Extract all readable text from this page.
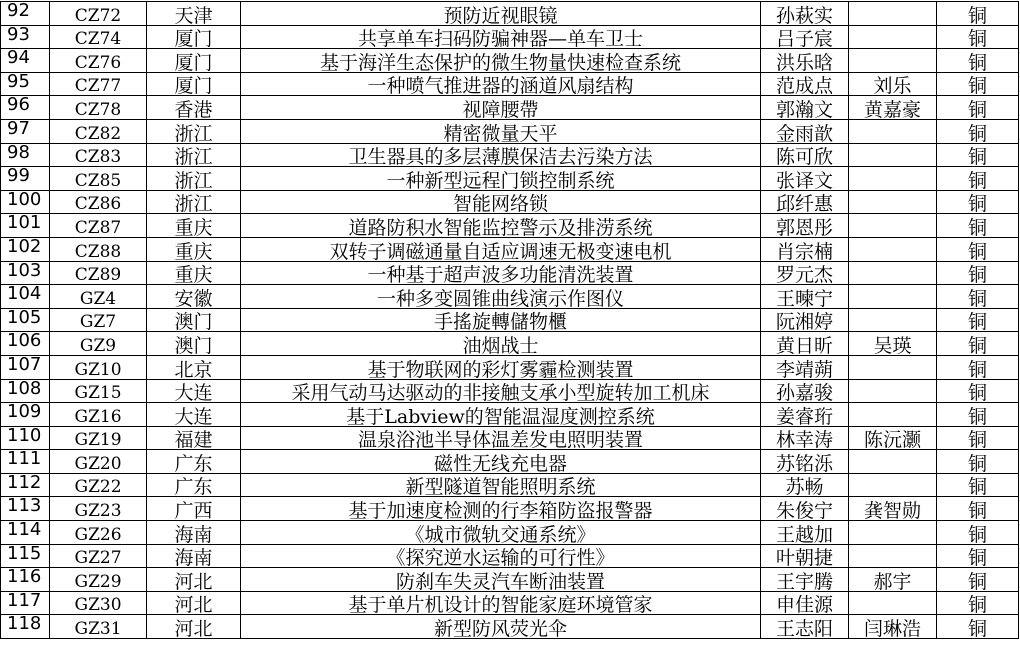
92	CZ72	天津	预防近视眼镜	孙萩实		铜
93	CZ74	厦门	共享单车扫码防骗神器—单车卫士	吕子宸		铜
94	CZ76	厦门	基于海洋生态保护的微生物量快速检查系统	洪乐晗		铜
95	CZ77	厦门	一种喷气推进器的涵道风扇结构	范成点	刘乐	铜
96	CZ78	香港	视障腰帶	郭瀚文	黄嘉豪	铜
97	CZ82	浙江	精密微量天平	金雨歆		铜
98	CZ83	浙江	卫生器具的多层薄膜保洁去污染方法	陈可欣		铜
99	CZ85	浙江	一种新型远程门锁控制系统	张译文		铜
100	CZ86	浙江	智能网络锁	邱纤惠		铜
101	CZ87	重庆	道路防积水智能监控警示及排涝系统	郭恩彤		铜
102	CZ88	重庆	双转子调磁通量自适应调速无极变速电机	肖宗楠		铜
103	CZ89	重庆	一种基于超声波多功能清洗装置	罗元杰		铜
104	GZ4	安徽	一种多变圆锥曲线演示作图仪	王暕宁		铜
105	GZ7	澳门	手搖旋轉儲物櫃	阮湘婷		铜
106	GZ9	澳门	油烟战士	黄日昕	吴瑛	铜
107	GZ10	北京	基于物联网的彩灯雾霾检测装置	李靖蒴		铜
108	GZ15	大连	采用气动马达驱动的非接触支承小型旋转加工机床	孙嘉骏		铜
109	GZ16	大连	基于Labview的智能温湿度测控系统	姜睿珩		铜
110	GZ19	福建	温泉浴池半导体温差发电照明装置	林幸涛	陈沅灏	铜
111	GZ20	广东	磁性无线充电器	苏铭泺		铜
112	GZ22	广东	新型隧道智能照明系统	苏畅		铜
113	GZ23	广西	基于加速度检测的行李箱防盗报警器	朱俊宁	龚智勋	铜
114	GZ26	海南	《城市微轨交通系统》	王越加		铜
115	GZ27	海南	《探究逆水运输的可行性》	叶朝捷		铜
116	GZ29	河北	防刹车失灵汽车断油装置	王宇腾	郝宇	铜
117	GZ30	河北	基于单片机设计的智能家庭环境管家	申佳源		铜
118	GZ31	河北	新型防风荧光伞	王志阳	闫琳浩	铜
